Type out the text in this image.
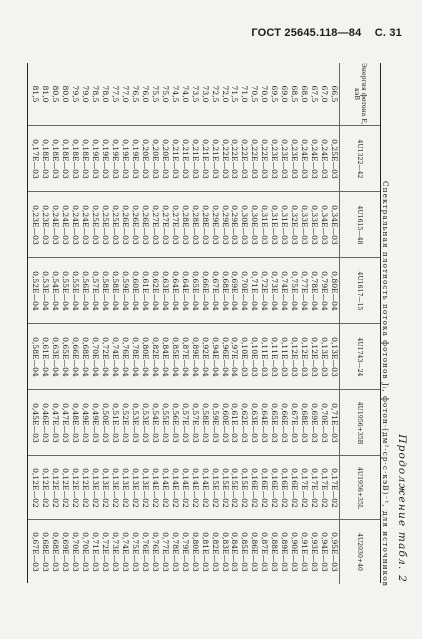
ГОСТ 25645.118—84 С. 31
Продолжение табл. 2
Спектральная плотность потока фотонов Jᵢ, фотон·(дм²·ср·с·кэВ)⁻¹, для источников
Энергия фотона E, кэВ
66,5
67,0
67,5
68,0
68,5
69,0
69,5
70,0
70,5
71,0
71,5
72,0
72,5
73,0
73,5
74,0
74,5
75,0
75,5
76,0
76,5
77,0
77,5
78,0
78,5
79,0
79,5
80,0
80,5
81,0
81,5
4U1322—42
0,25E—03
0,24E—03
0,24E—03
0,24E—03
0,23E—03
0,23E—03
0,23E—03
0,22E—03
0,22E—03
0,22E—03
0,22E—03
0,22E—03
0,21E—03
0,21E—03
0,21E—03
0,21E—03
0,21E—03
0,20E—03
0,20E—03
0,20E—03
0,19E—03
0,19E—03
0,19E—03
0,19E—03
0,19E—03
0,18E—03
0,18E—03
0,18E—03
0,18E—03
0,18E—03
0,17E—03
4U1615—48
0,34E—03
0,34E—03
0,33E—03
0,33E—03
0,32E—03
0,31E—03
0,31E—03
0,31E—03
0,30E—03
0,30E—03
0,29E—03
0,29E—03
0,29E—03
0,28E—03
0,28E—03
0,28E—03
0,27E—03
0,27E—03
0,27E—03
0,26E—03
0,26E—03
0,26E—03
0,25E—03
0,25E—03
0,25E—03
0,24E—03
0,24E—03
0,24E—03
0,24E—03
0,23E—03
0,23E—03
4U1617—15
0,80E—04
0,79E—04
0,78E—04
0,77E—04
0,75E—04
0,74E—04
0,73E—04
0,72E—04
0,71E—04
0,70E—04
0,69E—04
0,68E—04
0,67E—04
0,66E—04
0,65E—04
0,64E—04
0,64E—04
0,63E—04
0,62E—04
0,61E—04
0,60E—04
0,59E—04
0,58E—04
0,58E—04
0,57E—04
0,56E—04
0,55E—04
0,55E—04
0,54E—04
0,53E—04
0,52E—04
4U1743—24
0,13E—03
0,13E—03
0,12E—03
0,12E—03
0,12E—03
0,11E—03
0,11E—03
0,11E—03
0,10E—03
0,10E—03
0,97E—04
0,96E—04
0,94E—04
0,92E—04
0,89E—04
0,87E—04
0,85E—04
0,84E—04
0,82E—04
0,80E—04
0,78E—04
0,76E—04
0,74E—04
0,72E—04
0,70E—04
0,68E—04
0,66E—04
0,65E—04
0,63E—04
0,61E—04
0,58E—04
4U1956+35B
0,71E—03
0,70E—03
0,69E—03
0,68E—03
0,67E—03
0,66E—03
0,65E—03
0,64E—03
0,63E—03
0,62E—03
0,61E—03
0,60E—03
0,59E—03
0,58E—03
0,57E—03
0,57E—03
0,56E—03
0,55E—03
0,54E—03
0,53E—03
0,53E—03
0,52E—03
0,51E—03
0,50E—03
0,49E—03
0,49E—03
0,48E—03
0,47E—03
0,47E—03
0,46E—03
0,45E—03
4U1956+35L
0,17E—02
0,17E—02
0,17E—02
0,17E—02
0,16E—02
0,16E—02
0,16E—02
0,16E—02
0,16E—02
0,15E—02
0,15E—02
0,15E—02
0,15E—02
0,14E—02
0,14E—02
0,14E—02
0,14E—02
0,14E—02
0,14E—02
0,13E—02
0,13E—02
0,13E—02
0,13E—02
0,13E—02
0,13E—02
0,12E—02
0,12E—02
0,12E—02
0,12E—02
0,12E—02
0,12E—02
4U2030+40
0,95E—03
0,94E—03
0,93E—03
0,91E—03
0,90E—03
0,89E—03
0,88E—03
0,87E—03
0,86E—03
0,85E—03
0,84E—03
0,83E—03
0,82E—03
0,81E—03
0,80E—03
0,79E—03
0,78E—03
0,77E—03
0,76E—03
0,76E—03
0,75E—03
0,74E—03
0,73E—03
0,72E—03
0,71E—03
0,70E—03
0,70E—03
0,69E—03
0,68E—03
0,68E—03
0,67E—03
